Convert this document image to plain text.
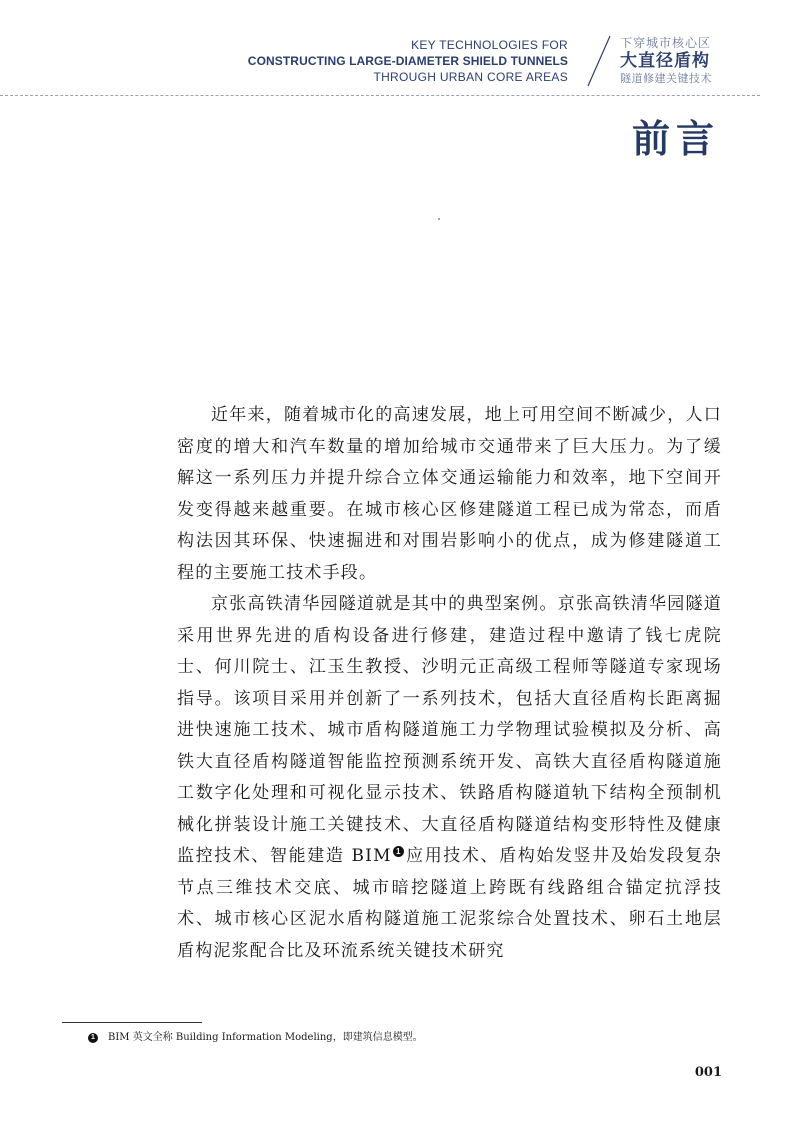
KEY TECHNOLOGIES FOR
CONSTRUCTING LARGE-DIAMETER SHIELD TUNNELS
THROUGH URBAN CORE AREAS
下穿城市核心区
大直径盾构
隧道修建关键技术
前言

近年来，随着城市化的高速发展，地上可用空间不断减少，人口密度的增大和汽车数量的增加给城市交通带来了巨大压力。为了缓解这一系列压力并提升综合立体交通运输能力和效率，地下空间开发变得越来越重要。在城市核心区修建隧道工程已成为常态，而盾构法因其环保、快速掘进和对围岩影响小的优点，成为修建隧道工程的主要施工技术手段。

京张高铁清华园隧道就是其中的典型案例。京张高铁清华园隧道采用世界先进的盾构设备进行修建，建造过程中邀请了钱七虎院士、何川院士、江玉生教授、沙明元正高级工程师等隧道专家现场指导。该项目采用并创新了一系列技术，包括大直径盾构长距离掘进快速施工技术、城市盾构隧道施工力学物理试验模拟及分析、高铁大直径盾构隧道智能监控预测系统开发、高铁大直径盾构隧道施工数字化处理和可视化显示技术、铁路盾构隧道轨下结构全预制机械化拼装设计施工关键技术、大直径盾构隧道结构变形特性及健康监控技术、智能建造 BIM 1 应用技术、盾构始发竖井及始发段复杂节点三维技术交底、城市暗挖隧道上跨既有线路组合锚定抗浮技术、城市核心区泥水盾构隧道施工泥浆综合处置技术、卵石土地层盾构泥浆配合比及环流系统关键技术研究

1 BIM 英文全称 Building Information Modeling，即建筑信息模型。
001
